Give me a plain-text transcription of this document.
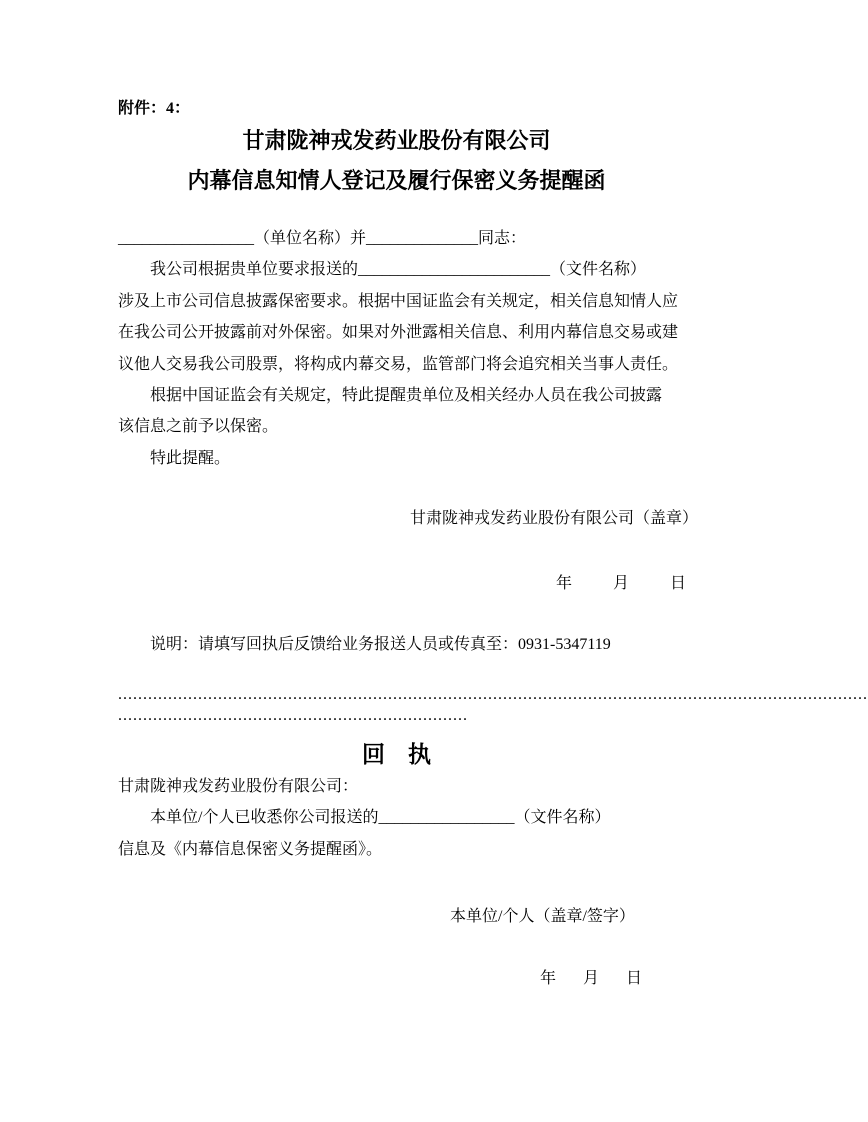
附件：4：
甘肃陇神戎发药业股份有限公司
内幕信息知情人登记及履行保密义务提醒函
_________________（单位名称）并______________同志：
我公司根据贵单位要求报送的________________________（文件名称）
涉及上市公司信息披露保密要求。根据中国证监会有关规定，相关信息知情人应
在我公司公开披露前对外保密。如果对外泄露相关信息、利用内幕信息交易或建
议他人交易我公司股票，将构成内幕交易，监管部门将会追究相关当事人责任。
根据中国证监会有关规定，特此提醒贵单位及相关经办人员在我公司披露
该信息之前予以保密。
特此提醒。
甘肃陇神戎发药业股份有限公司（盖章）
年	月	日
说明：请填写回执后反馈给业务报送人员或传真至：0931-5347119
......................................................................................................................................................
......................................................................
回　执
甘肃陇神戎发药业股份有限公司：
本单位/个人已收悉你公司报送的_________________（文件名称）
信息及《内幕信息保密义务提醒函》。
本单位/个人（盖章/签字）
年 月 日
